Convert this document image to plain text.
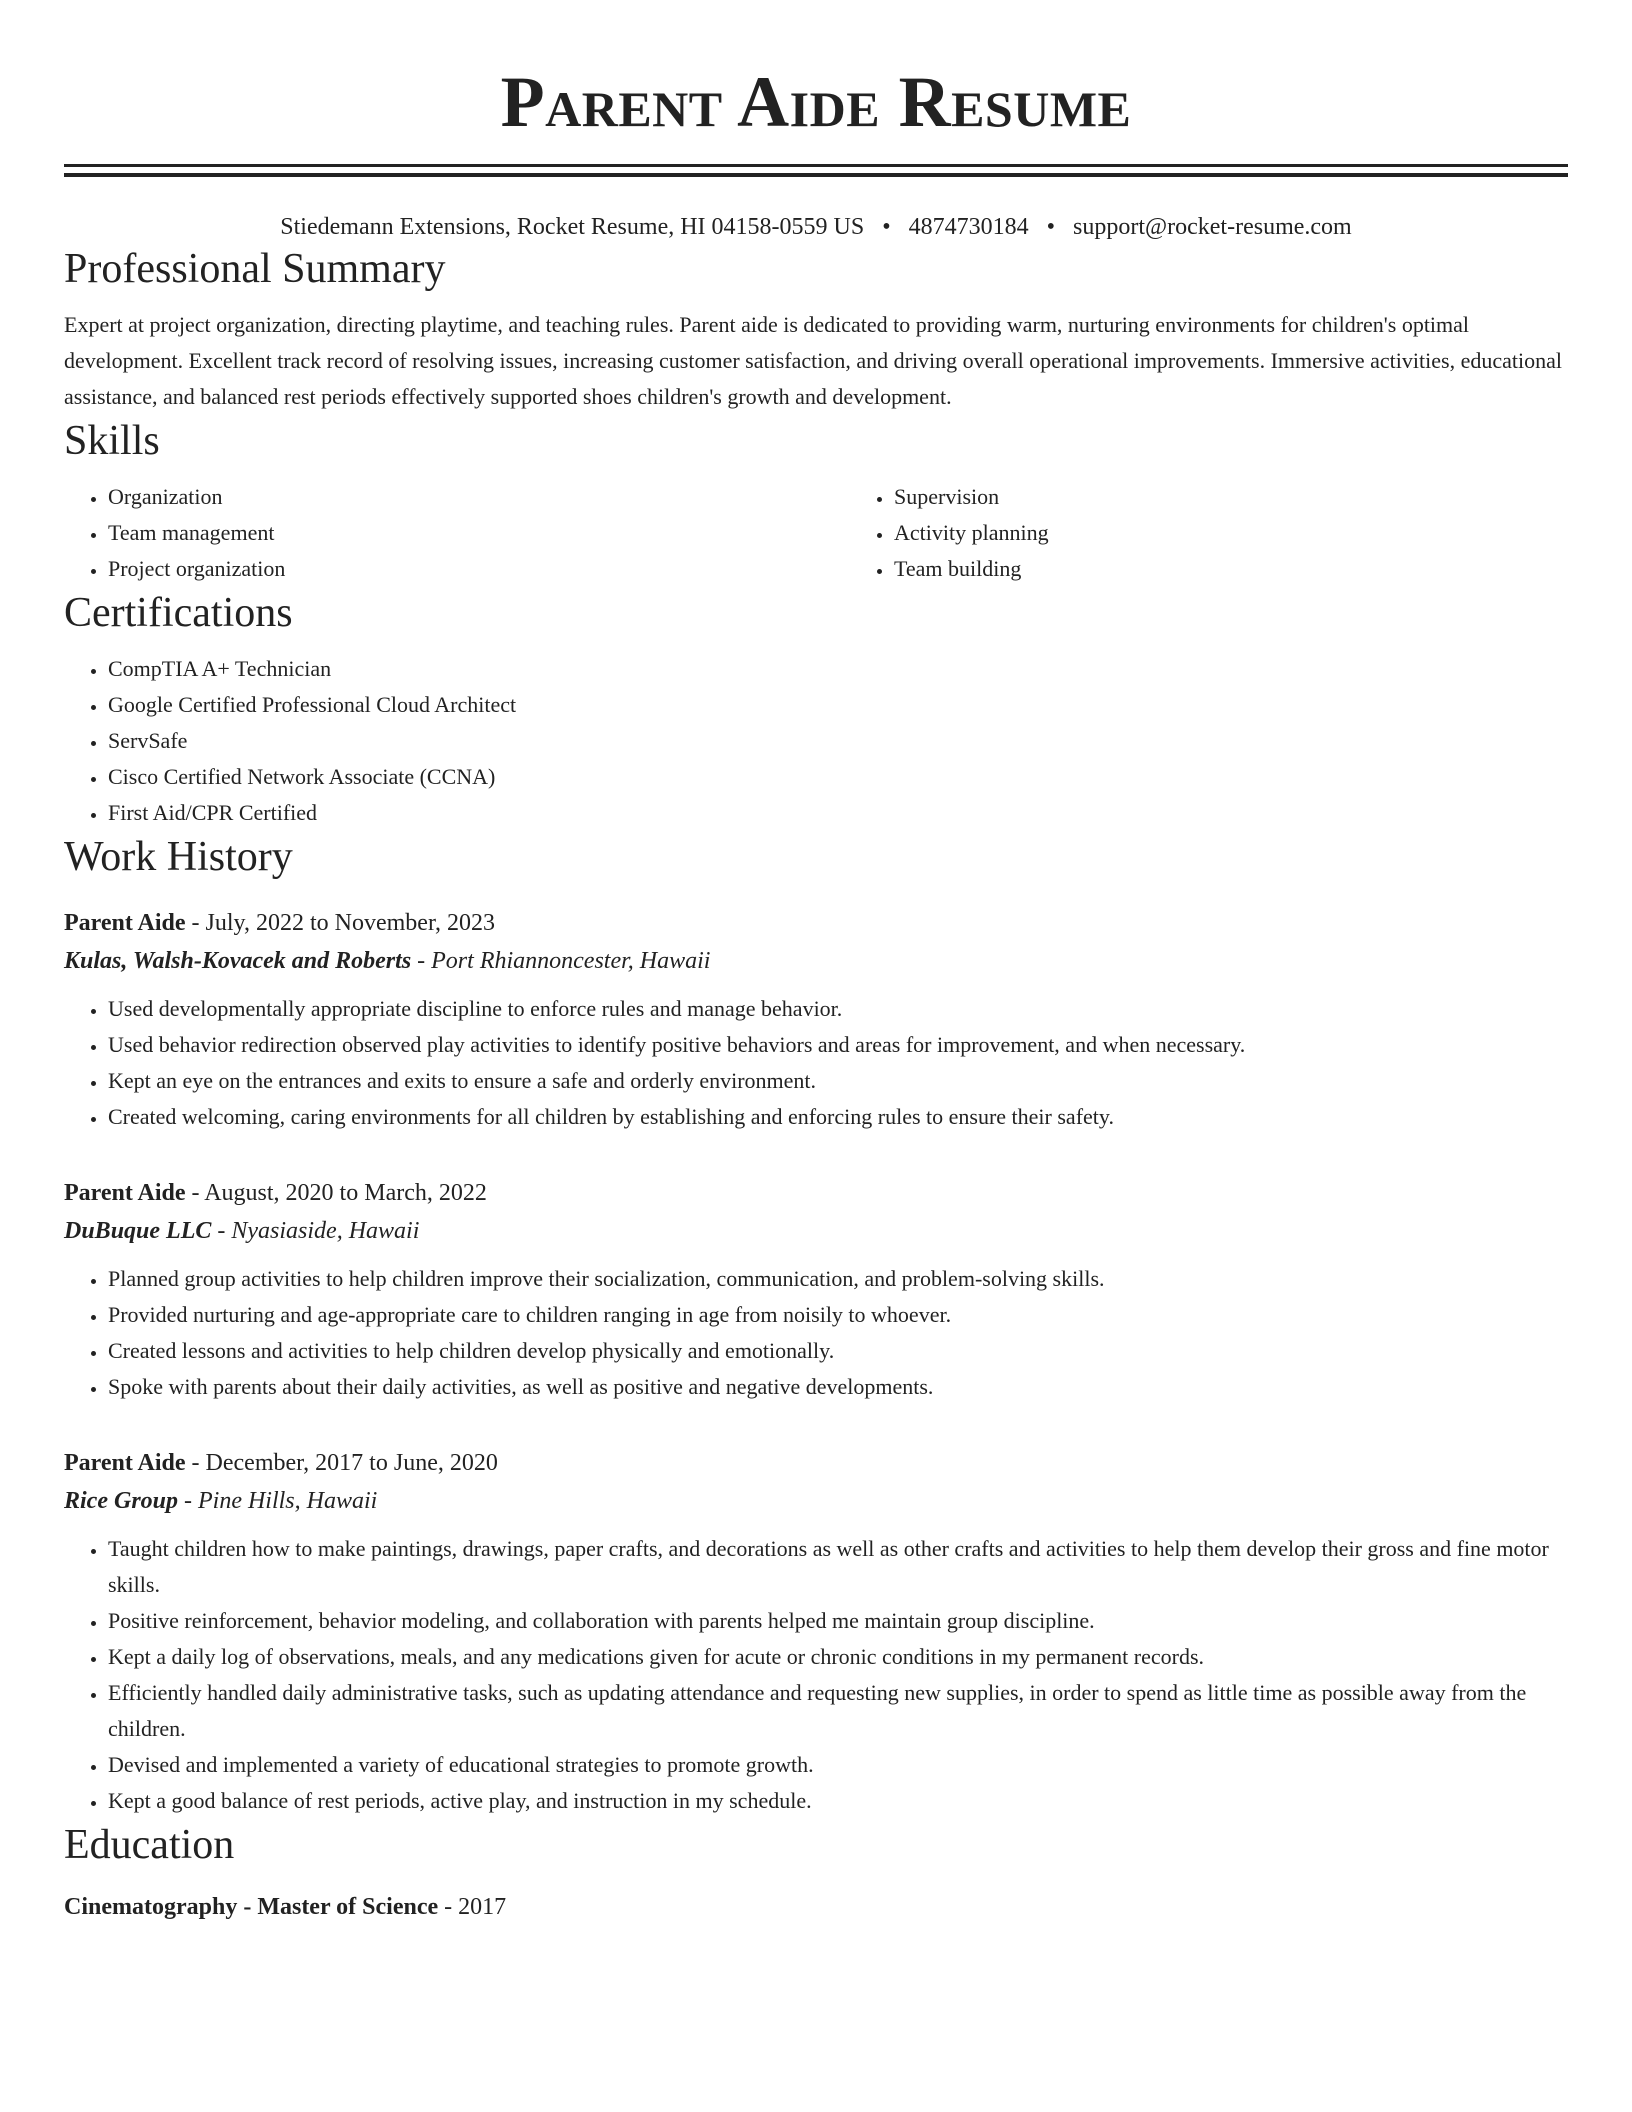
Parent Aide Resume
Stiedemann Extensions, Rocket Resume, HI 04158-0559 US • 4874730184 • support@rocket-resume.com
Professional Summary

Expert at project organization, directing playtime, and teaching rules. Parent aide is dedicated to providing warm, nurturing environments for children's optimal development. Excellent track record of resolving issues, increasing customer satisfaction, and driving overall operational improvements. Immersive activities, educational assistance, and balanced rest periods effectively supported shoes children's growth and development.

Skills
• Organization
• Team management
• Project organization
• Supervision
• Activity planning
• Team building
Certifications
• CompTIA A+ Technician
• Google Certified Professional Cloud Architect
• ServSafe
• Cisco Certified Network Associate (CCNA)
• First Aid/CPR Certified
Work History
Parent Aide - July, 2022 to November, 2023
Kulas, Walsh-Kovacek and Roberts - Port Rhiannoncester, Hawaii
• Used developmentally appropriate discipline to enforce rules and manage behavior.
• Used behavior redirection observed play activities to identify positive behaviors and areas for improvement, and when necessary.
• Kept an eye on the entrances and exits to ensure a safe and orderly environment.
• Created welcoming, caring environments for all children by establishing and enforcing rules to ensure their safety.
Parent Aide - August, 2020 to March, 2022
DuBuque LLC - Nyasiaside, Hawaii
• Planned group activities to help children improve their socialization, communication, and problem-solving skills.
• Provided nurturing and age-appropriate care to children ranging in age from noisily to whoever.
• Created lessons and activities to help children develop physically and emotionally.
• Spoke with parents about their daily activities, as well as positive and negative developments.
Parent Aide - December, 2017 to June, 2020
Rice Group - Pine Hills, Hawaii
• Taught children how to make paintings, drawings, paper crafts, and decorations as well as other crafts and activities to help them develop their gross and fine motor skills.
• Positive reinforcement, behavior modeling, and collaboration with parents helped me maintain group discipline.
• Kept a daily log of observations, meals, and any medications given for acute or chronic conditions in my permanent records.
• Efficiently handled daily administrative tasks, such as updating attendance and requesting new supplies, in order to spend as little time as possible away from the children.
• Devised and implemented a variety of educational strategies to promote growth.
• Kept a good balance of rest periods, active play, and instruction in my schedule.
Education
Cinematography - Master of Science - 2017
